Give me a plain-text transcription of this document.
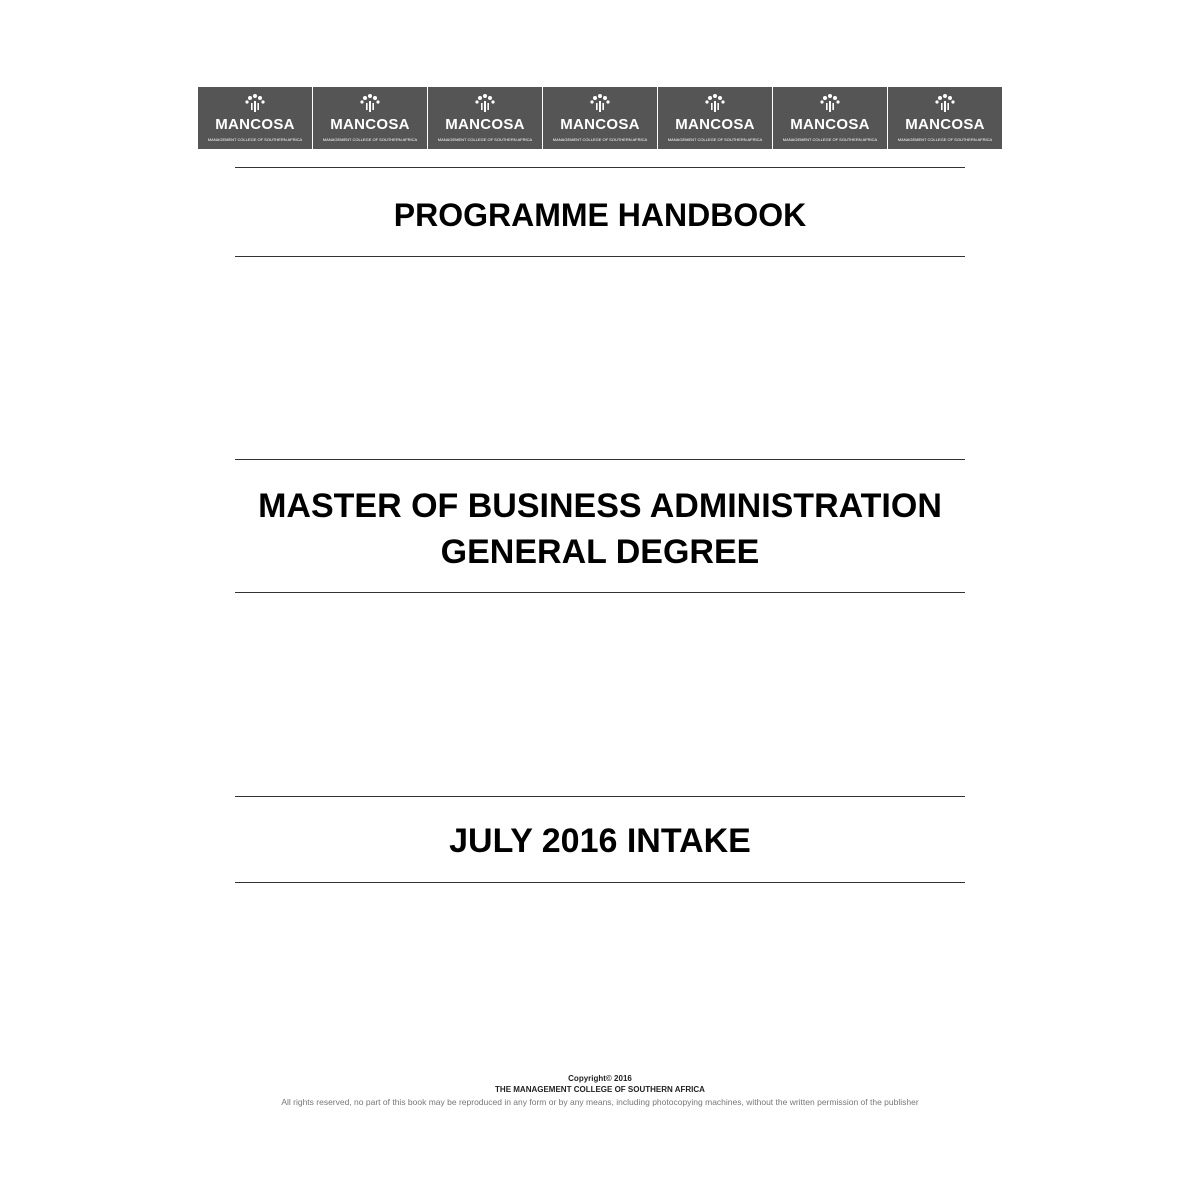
MANCOSA
MANAGEMENT COLLEGE OF SOUTHERN AFRICA
MANCOSA
MANAGEMENT COLLEGE OF SOUTHERN AFRICA
MANCOSA
MANAGEMENT COLLEGE OF SOUTHERN AFRICA
MANCOSA
MANAGEMENT COLLEGE OF SOUTHERN AFRICA
MANCOSA
MANAGEMENT COLLEGE OF SOUTHERN AFRICA
MANCOSA
MANAGEMENT COLLEGE OF SOUTHERN AFRICA
MANCOSA
MANAGEMENT COLLEGE OF SOUTHERN AFRICA
PROGRAMME HANDBOOK
MASTER OF BUSINESS ADMINISTRATION
GENERAL DEGREE
JULY 2016 INTAKE
Copyright© 2016
THE MANAGEMENT COLLEGE OF SOUTHERN AFRICA
All rights reserved, no part of this book may be reproduced in any form or by any means, including photocopying machines, without the written permission of the publisher
